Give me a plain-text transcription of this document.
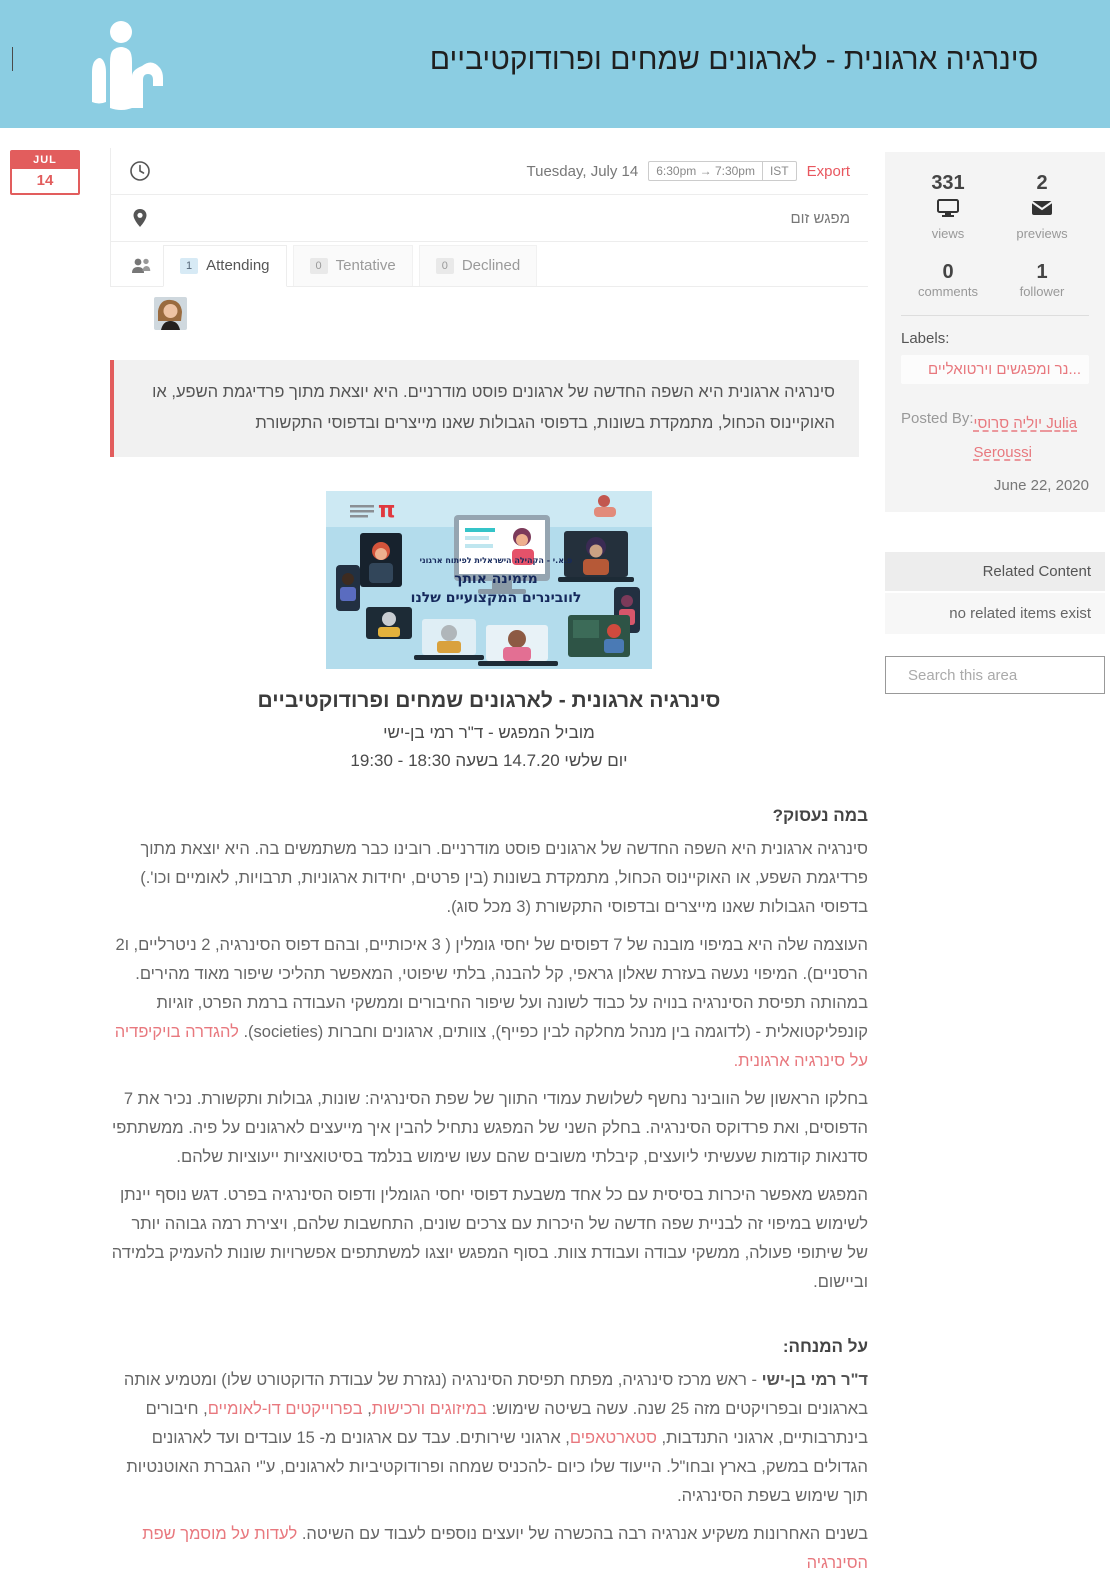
סינרגיה ארגונית - לארגונים שמחים ופרודוקטיביים
JUL
14
Tuesday, July 14	6:30pm → 7:30pm	IST	Export
מפגש זום
1 Attending	0 Tentative	0 Declined
סינרגיה ארגונית היא השפה החדשה של ארגונים פוסט מודרניים. היא יוצאת מתוך פרדיגמת השפע, או האוקיינוס הכחול, מתמקדת בשונות, בדפוסי הגבולות שאנו מייצרים ובדפוסי התקשורת
π
פ.א.י - הקהילה הישראלית לפיתוח ארגוני
מזמינה אותך
לוובינרים המקצועיים שלנו
סינרגיה ארגונית - לארגונים שמחים ופרודוקטיביים
מוביל המפגש - ד"ר רמי בן-ישי
יום שלשי 14.7.20 בשעה 18:30 - 19:30
במה נעסוק?

סינרגיה ארגונית היא השפה החדשה של ארגונים פוסט מודרניים. רובינו כבר משתמשים בה. היא יוצאת מתוך פרדיגמת השפע, או האוקיינוס הכחול, מתמקדת בשונות (בין פרטים, יחידות ארגוניות, תרבויות, לאומיים וכו'.) בדפוסי הגבולות שאנו מייצרים ובדפוסי התקשורת (3 מכל סוג).

העוצמה שלה היא במיפוי מובנה של 7 דפוסים של יחסי גומלין ( 3 איכותיים, ובהם דפוס הסינרגיה, 2 ניטרליים, ו2 הרסניים). המיפוי נעשה בעזרת שאלון גראפי, קל להבנה, בלתי שיפוטי, המאפשר תהליכי שיפור מאוד מהירים. במהותה תפיסת הסינרגיה בנויה על כבוד לשונה ועל שיפור החיבורים וממשקי העבודה ברמת הפרט, זוגיות קונפליקטואלית - (לדוגמה בין מנהל מחלקה לבין כפייף), צוותים, ארגונים וחברות (societies). להגדרה בויקיפדיה על סינרגיה ארגונית.

בחלקו הראשון של הוובינר נחשף לשלושת עמודי התווך של שפת הסינרגיה: שונות, גבולות ותקשורת. נכיר את 7 הדפוסים, ואת פרדוקס הסינרגיה. בחלק השני של המפגש נתחיל להבין איך מייעצים לארגונים על פיה. ממשתתפי סדנאות קודמות שעשיתי ליועצים, קיבלתי משובים שהם עשו שימוש בנלמד בסיטואציות ייעוציות שלהם.

המפגש מאפשר היכרות בסיסית עם כל אחד משבעת דפוסי יחסי הגומלין ודפוס הסינרגיה בפרט. דגש נוסף יינתן לשימוש במיפוי זה לבניית שפה חדשה של היכרות עם צרכים שונים, התחשבות שלהם, ויצירת רמה גבוהה יותר של שיתופי פעולה, ממשקי עבודה ועבודת צוות. בסוף המפגש יוצגו למשתתפים אפשרויות שונות להעמיק בלמידה וביישום.

על המנחה:

ד"ר רמי בן-ישי - ראש מרכז סינרגיה, מפתח תפיסת הסינרגיה (נגזרת של עבודת הדוקטורט שלו) ומטמיע אותה בארגונים ובפרויקטים מזה 25 שנה. עשה בשיטה שימוש: במיזוגים ורכישות, בפרוייקטים דו-לאומיים, חיבורים בינתרבותיים, ארגוני התנדבות, סטארטאפים, ארגוני שירותים. עבד עם ארגונים מ- 15 עובדים ועד לארגונים הגדולים במשק, בארץ ובחו"ל. הייעוד שלו כיום -להכניס שמחה ופרודוקטיביות לארגונים, ע"י הגברת האוטנטיות תוך שימוש בשפת הסינרגיה.

בשנים האחרונות משקיע אנרגיה רבה בהכשרה של יועצים נוספים לעבוד עם השיטה. לעדות על מוסמך שפת הסינרגיה

331
views
2
previews
0
comments
1
follower
Labels:
...נר ומפגשים וירטואליים
Posted By: Julia יוליה סרוסי Seroussi
June 22, 2020
Related Content
no related items exist
Search this area
